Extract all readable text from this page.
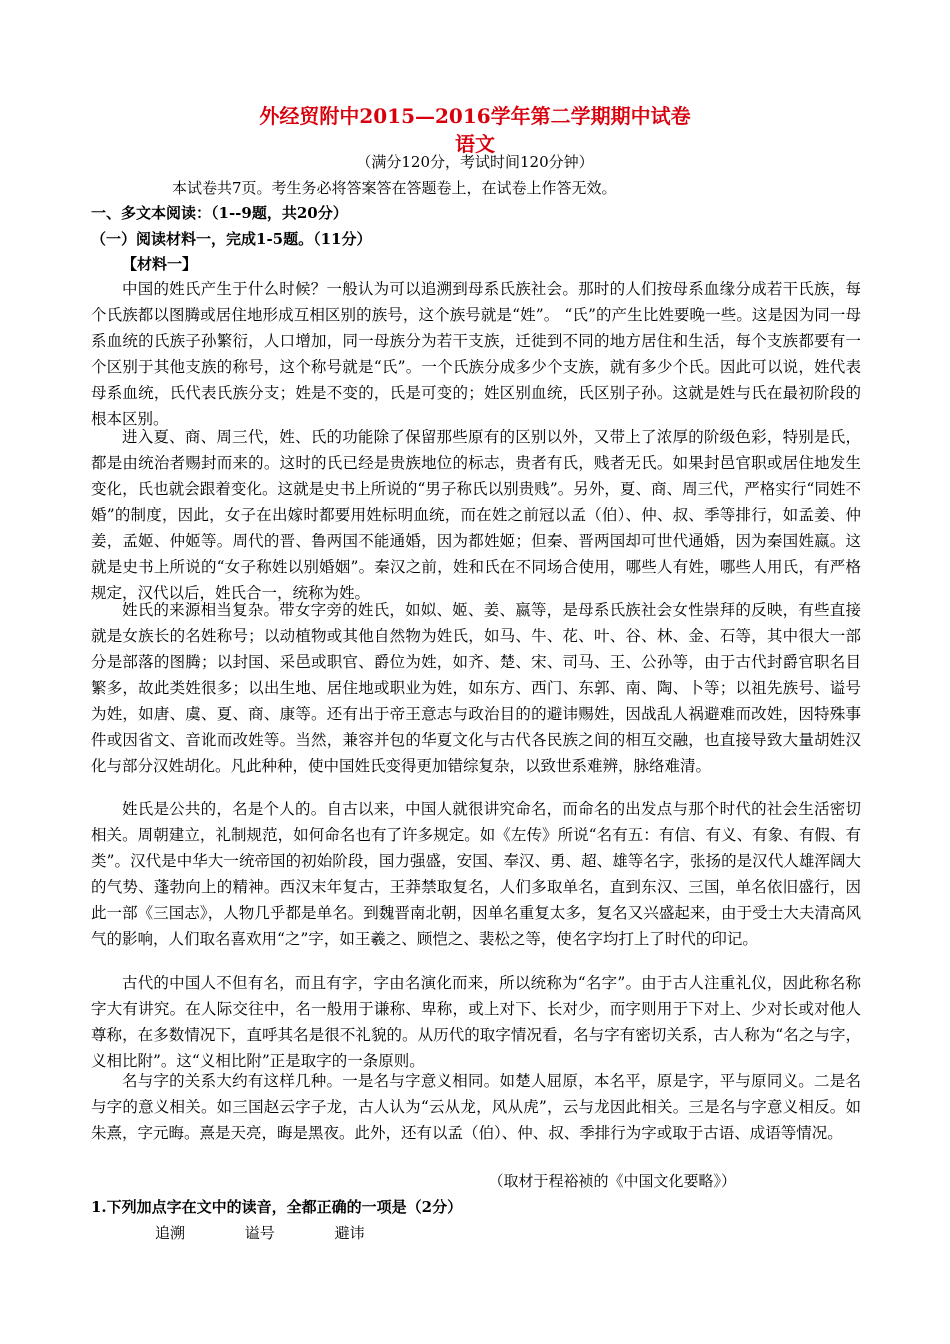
外经贸附中2015—2016学年第二学期期中试卷
语文
（满分120分，考试时间120分钟）
本试卷共7页。考生务必将答案答在答题卷上，在试卷上作答无效。
一、多文本阅读：（1--9题，共20分）
（一）阅读材料一，完成1-5题。（11分）
【材料一】
中国的姓氏产生于什么时候？一般认为可以追溯到母系氏族社会。那时的人们按母系血缘分成若干氏族，每个氏族都以图腾或居住地形成互相区别的族号，这个族号就是“姓”。 “氏”的产生比姓要晚一些。这是因为同一母系血统的氏族子孙繁衍，人口增加，同一母族分为若干支族，迁徙到不同的地方居住和生活，每个支族都要有一个区别于其他支族的称号，这个称号就是“氏”。一个氏族分成多少个支族，就有多少个氏。因此可以说，姓代表母系血统，氏代表氏族分支；姓是不变的，氏是可变的；姓区别血统，氏区别子孙。这就是姓与氏在最初阶段的根本区别。
进入夏、商、周三代，姓、氏的功能除了保留那些原有的区别以外，又带上了浓厚的阶级色彩，特别是氏，都是由统治者赐封而来的。这时的氏已经是贵族地位的标志，贵者有氏，贱者无氏。如果封邑官职或居住地发生变化，氏也就会跟着变化。这就是史书上所说的“男子称氏以别贵贱”。另外，夏、商、周三代，严格实行“同姓不婚”的制度，因此，女子在出嫁时都要用姓标明血统，而在姓之前冠以孟（伯）、仲、叔、季等排行，如孟姜、仲姜，孟姬、仲姬等。周代的晋、鲁两国不能通婚，因为都姓姬；但秦、晋两国却可世代通婚，因为秦国姓嬴。这就是史书上所说的“女子称姓以别婚姻”。秦汉之前，姓和氏在不同场合使用，哪些人有姓，哪些人用氏，有严格规定，汉代以后，姓氏合一，统称为姓。
姓氏的来源相当复杂。带女字旁的姓氏，如姒、姬、姜、嬴等，是母系氏族社会女性崇拜的反映，有些直接就是女族长的名姓称号；以动植物或其他自然物为姓氏，如马、牛、花、叶、谷、林、金、石等，其中很大一部分是部落的图腾；以封国、采邑或职官、爵位为姓，如齐、楚、宋、司马、王、公孙等，由于古代封爵官职名目繁多，故此类姓很多；以出生地、居住地或职业为姓，如东方、西门、东郭、南、陶、卜等；以祖先族号、谥号为姓，如唐、虞、夏、商、康等。还有出于帝王意志与政治目的的避讳赐姓，因战乱人祸避难而改姓，因特殊事件或因省文、音讹而改姓等。当然，兼容并包的华夏文化与古代各民族之间的相互交融，也直接导致大量胡姓汉化与部分汉姓胡化。凡此种种，使中国姓氏变得更加错综复杂，以致世系难辨，脉络难清。
姓氏是公共的，名是个人的。自古以来，中国人就很讲究命名，而命名的出发点与那个时代的社会生活密切相关。周朝建立，礼制规范，如何命名也有了许多规定。如《左传》所说“名有五：有信、有义、有象、有假、有类”。汉代是中华大一统帝国的初始阶段，国力强盛，安国、奉汉、勇、超、雄等名字，张扬的是汉代人雄浑阔大的气势、蓬勃向上的精神。西汉末年复古，王莽禁取复名，人们多取单名，直到东汉、三国，单名依旧盛行，因此一部《三国志》，人物几乎都是单名。到魏晋南北朝，因单名重复太多，复名又兴盛起来，由于受士大夫清高风气的影响，人们取名喜欢用“之”字，如王羲之、顾恺之、裴松之等，使名字均打上了时代的印记。
古代的中国人不但有名，而且有字，字由名演化而来，所以统称为“名字”。由于古人注重礼仪，因此称名称字大有讲究。在人际交往中，名一般用于谦称、卑称，或上对下、长对少，而字则用于下对上、少对长或对他人尊称，在多数情况下，直呼其名是很不礼貌的。从历代的取字情况看，名与字有密切关系，古人称为“名之与字，义相比附”。这“义相比附”正是取字的一条原则。
名与字的关系大约有这样几种。一是名与字意义相同。如楚人屈原，本名平，原是字，平与原同义。二是名与字的意义相关。如三国赵云字子龙，古人认为“云从龙，风从虎”，云与龙因此相关。三是名与字意义相反。如朱熹，字元晦。熹是天亮，晦是黑夜。此外，还有以孟（伯）、仲、叔、季排行为字或取于古语、成语等情况。
（取材于程裕祯的《中国文化要略》）
1.下列加点字在文中的读音，全都正确的一项是（2分）
追溯	谥号	避讳
